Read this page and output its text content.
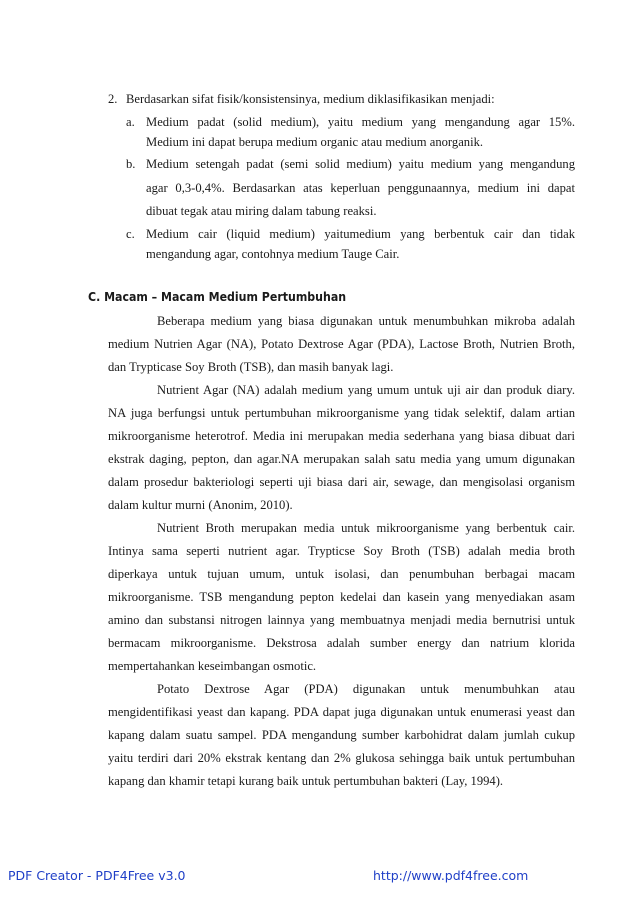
2. Berdasarkan sifat fisik/konsistensinya, medium diklasifikasikan menjadi:
a. Medium padat (solid medium), yaitu medium yang mengandung agar 15%.
Medium ini dapat berupa medium organic atau medium anorganik.
b. Medium setengah padat (semi solid medium) yaitu medium yang mengandung
agar 0,3-0,4%. Berdasarkan atas keperluan penggunaannya, medium ini dapat
dibuat tegak atau miring dalam tabung reaksi.
c. Medium cair (liquid medium) yaitumedium yang berbentuk cair dan tidak
mengandung agar, contohnya medium Tauge Cair.
C. Macam – Macam Medium Pertumbuhan
Beberapa medium yang biasa digunakan untuk menumbuhkan mikroba adalah
medium Nutrien Agar (NA), Potato Dextrose Agar (PDA), Lactose Broth, Nutrien Broth,
dan Trypticase Soy Broth (TSB), dan masih banyak lagi.
Nutrient Agar (NA) adalah medium yang umum untuk uji air dan produk diary.
NA juga berfungsi untuk pertumbuhan mikroorganisme yang tidak selektif, dalam artian
mikroorganisme heterotrof. Media ini merupakan media sederhana yang biasa dibuat dari
ekstrak daging, pepton, dan agar.NA merupakan salah satu media yang umum digunakan
dalam prosedur bakteriologi seperti uji biasa dari air, sewage, dan mengisolasi organism
dalam kultur murni (Anonim, 2010).
Nutrient Broth merupakan media untuk mikroorganisme yang berbentuk cair.
Intinya sama seperti nutrient agar. Trypticse Soy Broth (TSB) adalah media broth
diperkaya untuk tujuan umum, untuk isolasi, dan penumbuhan berbagai macam
mikroorganisme. TSB mengandung pepton kedelai dan kasein yang menyediakan asam
amino dan substansi nitrogen lainnya yang membuatnya menjadi media bernutrisi untuk
bermacam mikroorganisme. Dekstrosa adalah sumber energy dan natrium klorida
mempertahankan keseimbangan osmotic.
Potato Dextrose Agar (PDA) digunakan untuk menumbuhkan atau
mengidentifikasi yeast dan kapang. PDA dapat juga digunakan untuk enumerasi yeast dan
kapang dalam suatu sampel. PDA mengandung sumber karbohidrat dalam jumlah cukup
yaitu terdiri dari 20% ekstrak kentang dan 2% glukosa sehingga baik untuk pertumbuhan
kapang dan khamir tetapi kurang baik untuk pertumbuhan bakteri (Lay, 1994).
PDF Creator - PDF4Free v3.0	http://www.pdf4free.com
